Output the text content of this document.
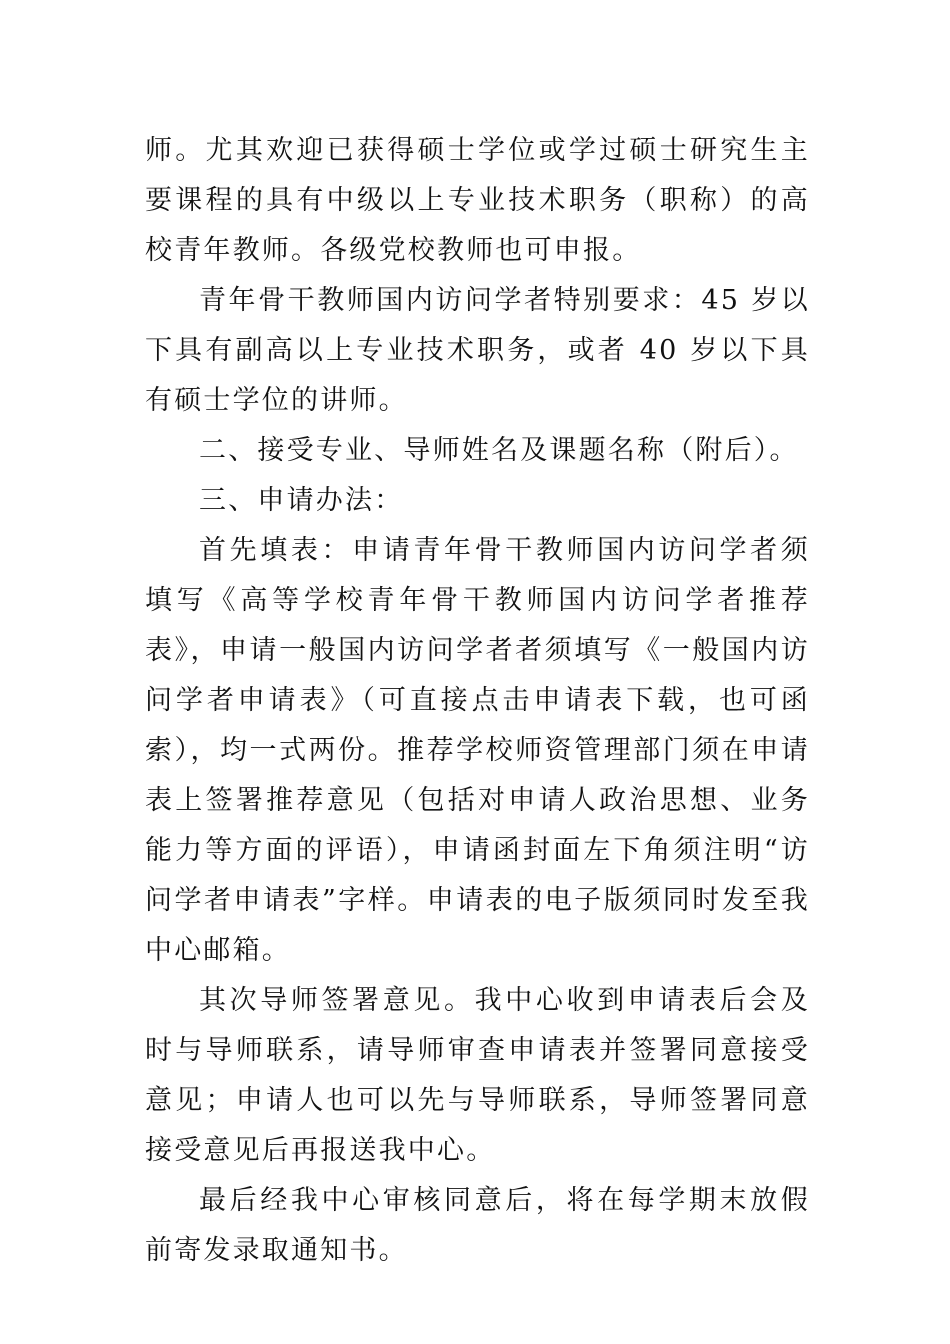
师。尤其欢迎已获得硕士学位或学过硕士研究生主要课程的具有中级以上专业技术职务（职称）的高校青年教师。各级党校教师也可申报。

青年骨干教师国内访问学者特别要求：45 岁以下具有副高以上专业技术职务，或者 40 岁以下具有硕士学位的讲师。

二、接受专业、导师姓名及课题名称（附后）。

三、申请办法：

首先填表：申请青年骨干教师国内访问学者须填写《高等学校青年骨干教师国内访问学者推荐表》，申请一般国内访问学者者须填写《一般国内访问学者申请表》（可直接点击申请表下载，也可函索），均一式两份。推荐学校师资管理部门须在申请表上签署推荐意见（包括对申请人政治思想、业务能力等方面的评语），申请函封面左下角须注明“访问学者申请表”字样。申请表的电子版须同时发至我中心邮箱。

其次导师签署意见。我中心收到申请表后会及时与导师联系，请导师审查申请表并签署同意接受意见；申请人也可以先与导师联系，导师签署同意接受意见后再报送我中心。

最后经我中心审核同意后，将在每学期末放假前寄发录取通知书。
